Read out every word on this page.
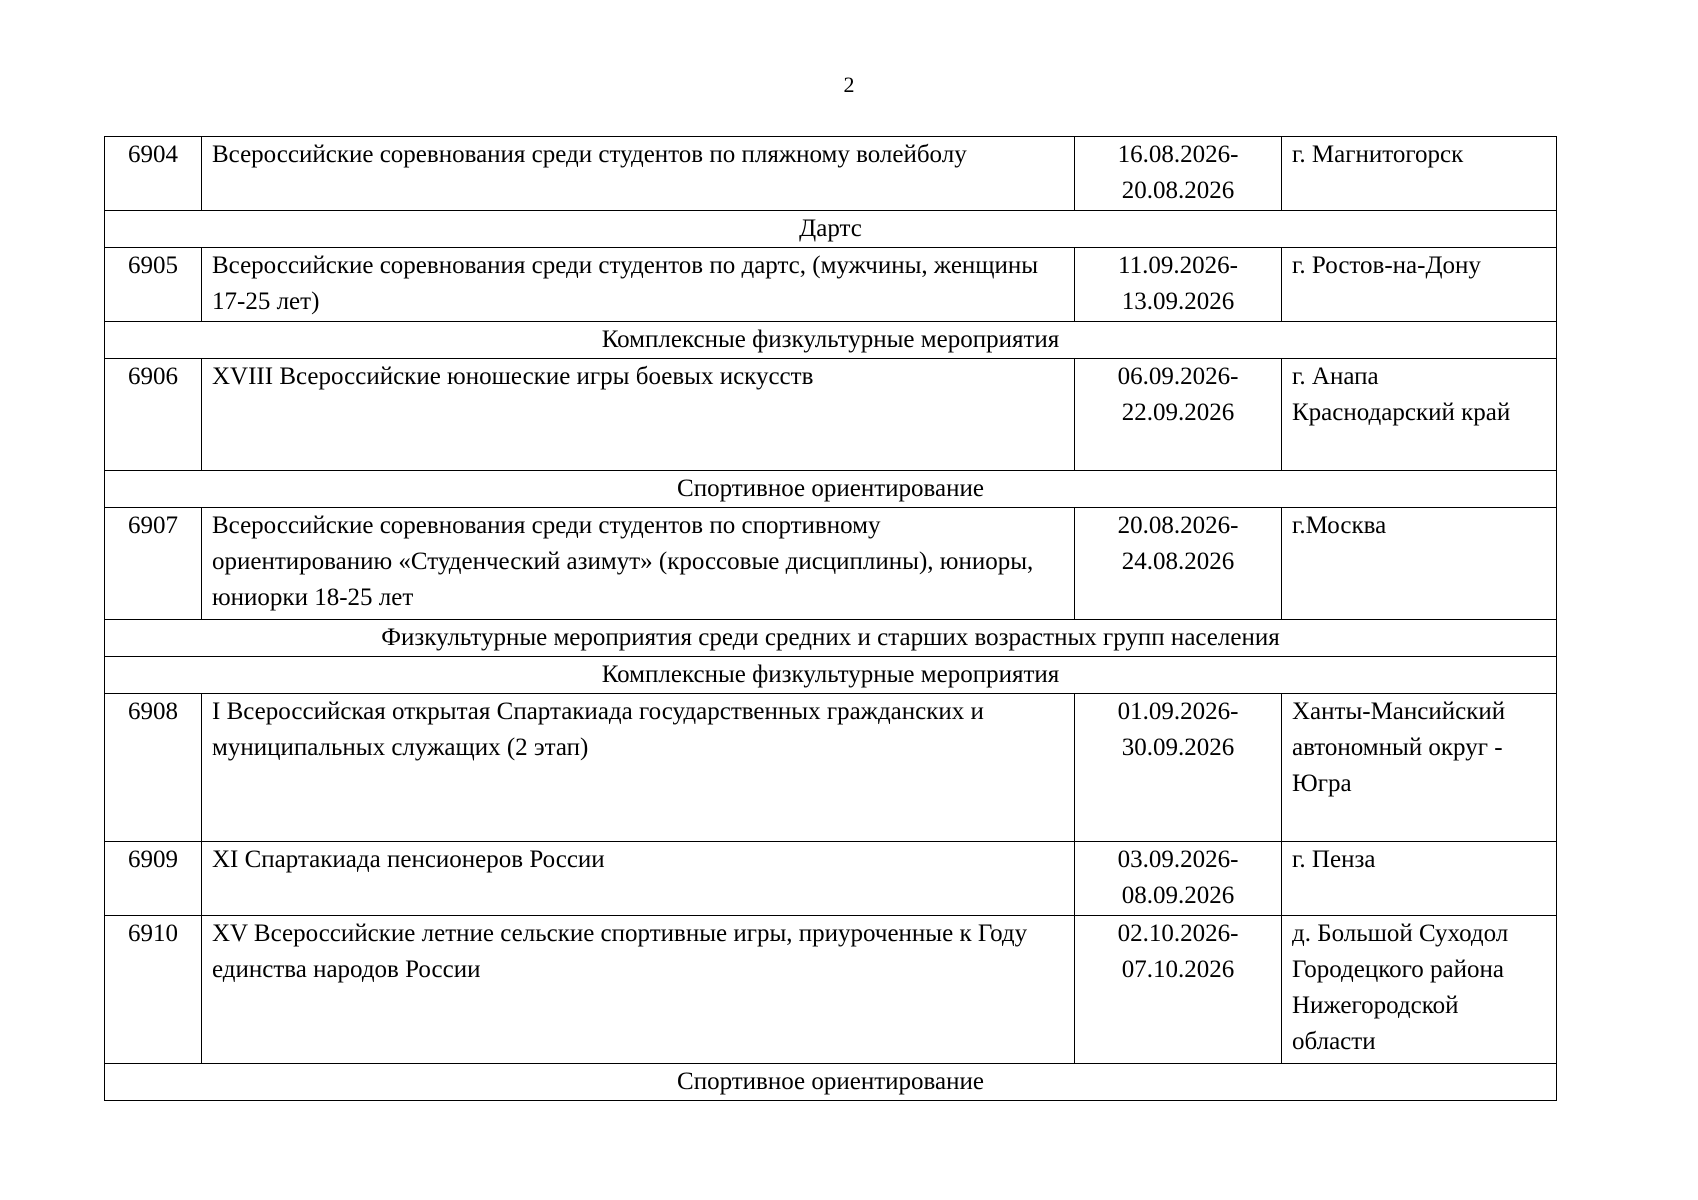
2
6904	Всероссийские соревнования среди студентов по пляжному волейболу	16.08.2026-
20.08.2026	г. Магнитогорск
Дартс			
6905	Всероссийские соревнования среди студентов по дартс, (мужчины, женщины 17-25 лет)	11.09.2026-
13.09.2026	г. Ростов-на-Дону
Комплексные физкультурные мероприятия			
6906	XVIII Всероссийские юношеские игры боевых искусств	06.09.2026-
22.09.2026	г. Анапа Краснодарский край
Спортивное ориентирование			
6907	Всероссийские соревнования среди студентов по спортивному ориентированию «Студенческий азимут» (кроссовые дисциплины), юниоры, юниорки 18-25 лет	20.08.2026-
24.08.2026	г.Москва
Физкультурные мероприятия среди средних и старших возрастных групп населения			
Комплексные физкультурные мероприятия			
6908	I Всероссийская открытая Спартакиада государственных гражданских и муниципальных служащих (2 этап)	01.09.2026-
30.09.2026	Ханты-Мансийский автономный округ - Югра
6909	XI Спартакиада пенсионеров России	03.09.2026-
08.09.2026	г. Пенза
6910	XV Всероссийские летние сельские спортивные игры, приуроченные к Году единства народов России	02.10.2026-
07.10.2026	д. Большой Суходол Городецкого района Нижегородской области
Спортивное ориентирование			
